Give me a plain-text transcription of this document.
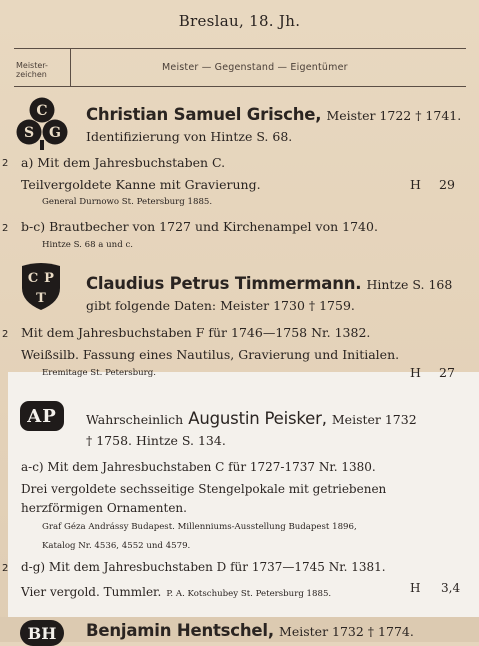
Breslau, 18. Jh.
Meister-
zeichen
Meister — Gegenstand — Eigentümer
C
S G
Christian Samuel Grische, Meister 1722 † 1741.
Identifizierung von Hintze S. 68.
2 a) Mit dem Jahresbuchstaben C.
Teilvergoldete Kanne mit Gravierung.	H 29
General Durnowo St. Petersburg 1885.
2 b-c) Brautbecher von 1727 und Kirchenampel von 1740.
Hintze S. 68 a und c.
C P
T
Claudius Petrus Timmermann. Hintze S. 168
gibt folgende Daten: Meister 1730 † 1759.
2 Mit dem Jahresbuchstaben F für 1746—1758 Nr. 1382.
Weißsilb. Fassung eines Nautilus, Gravierung und Initialen.
Eremitage St. Petersburg.	H 27
AP	Wahrscheinlich Augustin Peisker, Meister 1732
† 1758. Hintze S. 134.
a-c) Mit dem Jahresbuchstaben C für 1727-1737 Nr. 1380.
Drei vergoldete sechsseitige Stengelpokale mit getriebenen
herzförmigen Ornamenten.
Graf Géza Andrássy Budapest. Millenniums-Ausstellung Budapest 1896,
Katalog Nr. 4536, 4552 und 4579.
2 d-g) Mit dem Jahresbuchstaben D für 1737—1745 Nr. 1381.
Vier vergold. Tummler. P. A. Kotschubey St. Petersburg 1885.	H 3,4
BH	Benjamin Hentschel, Meister 1732 † 1774.
